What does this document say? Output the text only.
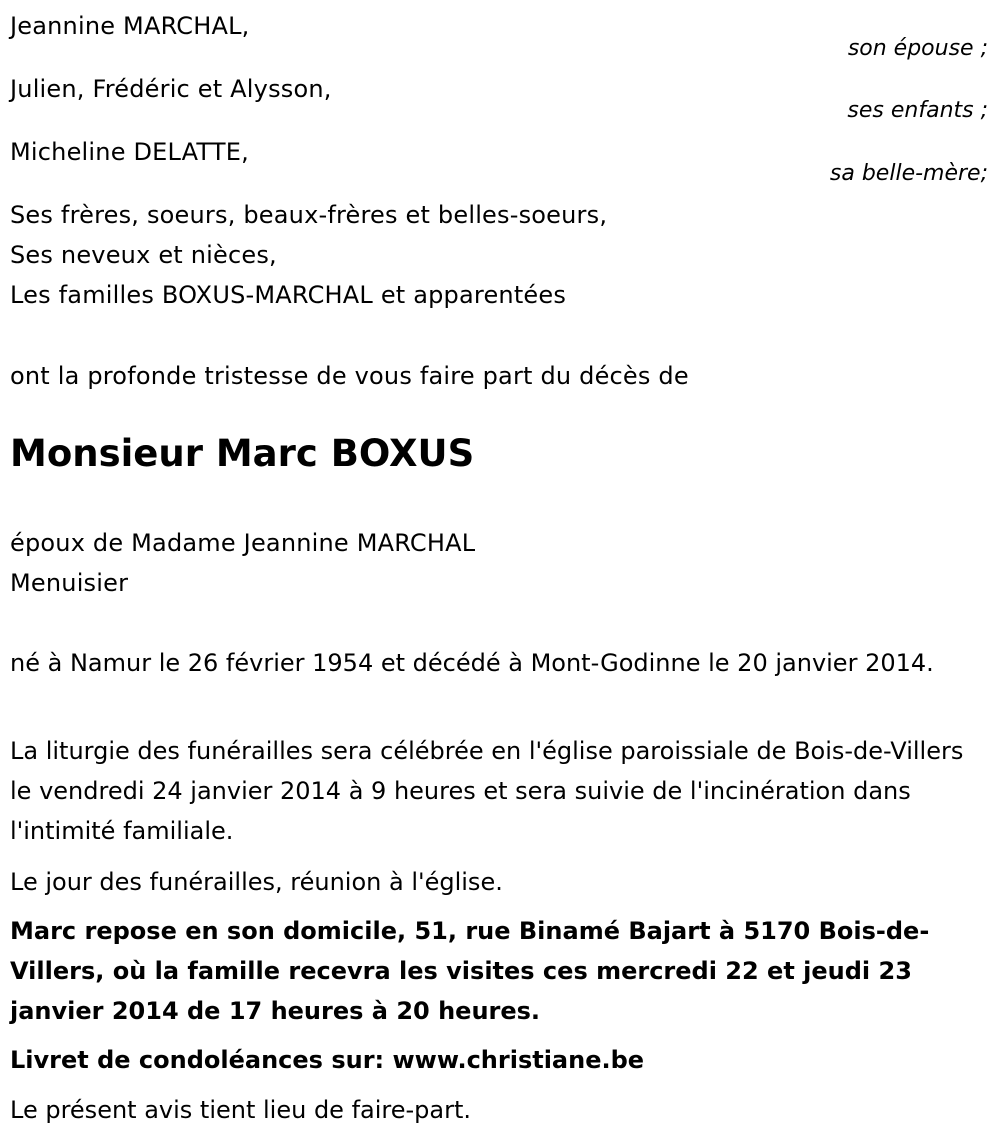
Jeannine MARCHAL,
son épouse ;
Julien, Frédéric et Alysson,
ses enfants ;
Micheline DELATTE,
sa belle-mère;
Ses frères, soeurs, beaux-frères et belles-soeurs,
Ses neveux et nièces,
Les familles BOXUS-MARCHAL et apparentées
ont la profonde tristesse de vous faire part du décès de
Monsieur Marc BOXUS
époux de Madame Jeannine MARCHAL
Menuisier
né à Namur le 26 février 1954 et décédé à Mont-Godinne le 20 janvier 2014.
La liturgie des funérailles sera célébrée en l'église paroissiale de Bois-de-Villers le vendredi 24 janvier 2014 à 9 heures et sera suivie de l'incinération dans l'intimité familiale.
Le jour des funérailles, réunion à l'église.
Marc repose en son domicile, 51, rue Binamé Bajart à 5170 Bois-de-Villers, où la famille recevra les visites ces mercredi 22 et jeudi 23 janvier 2014 de 17 heures à 20 heures.
Livret de condoléances sur: www.christiane.be
Le présent avis tient lieu de faire-part.
